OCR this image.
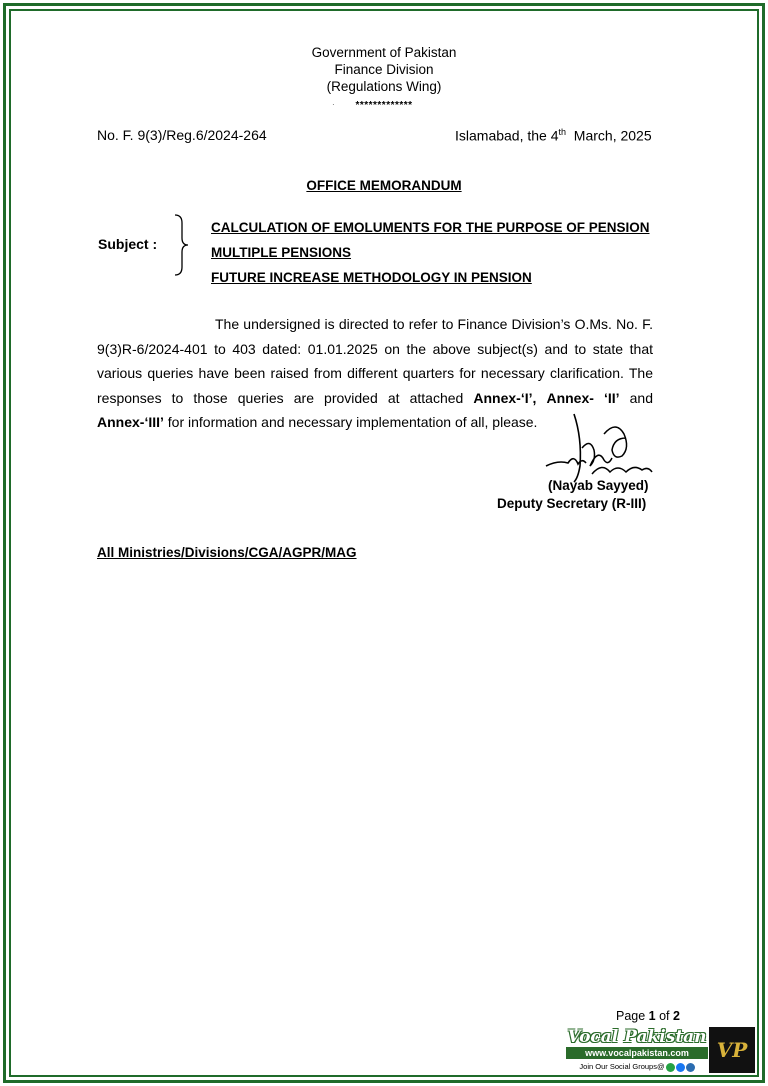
Government of Pakistan
Finance Division
(Regulations Wing)
·	*************
No. F. 9(3)/Reg.6/2024-264	Islamabad, the 4th  March, 2025
OFFICE MEMORANDUM
Subject :
CALCULATION OF EMOLUMENTS FOR THE PURPOSE OF PENSION
MULTIPLE PENSIONS
FUTURE INCREASE METHODOLOGY IN PENSION
The undersigned is directed to refer to Finance Division’s O.Ms. No. F. 9(3)R-6/2024-401 to 403 dated: 01.01.2025 on the above subject(s) and to state that various queries have been raised from different quarters for necessary clarification. The responses to those queries are provided at attached Annex-‘I’, Annex- ‘II’ and Annex-‘III’ for information and necessary implementation of all, please.
(Nayab Sayyed)
Deputy Secretary (R-III)
All Ministries/Divisions/CGA/AGPR/MAG
Page 1 of 2
Vocal Pakistan
www.vocalpakistan.com
Join Our Social Groups@
VP
